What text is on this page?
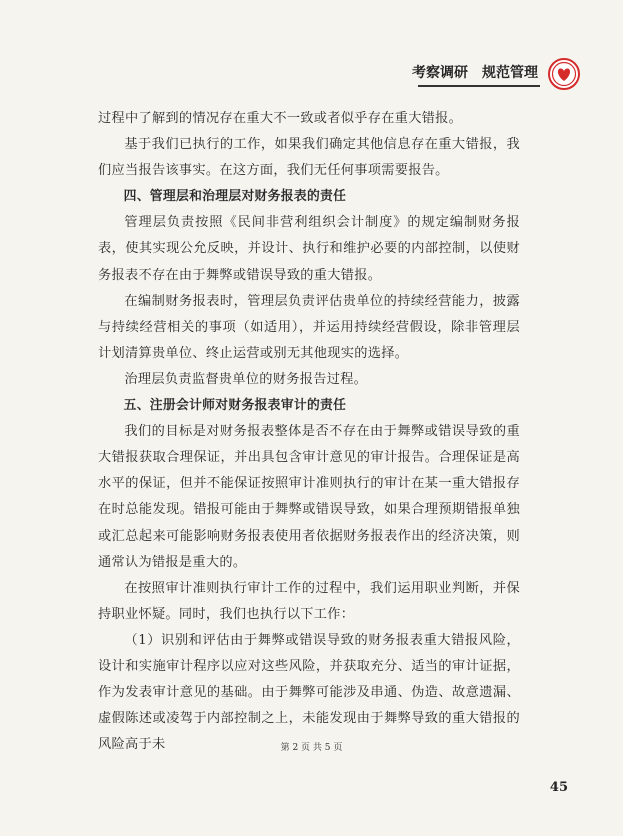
考察调研　规范管理

过程中了解到的情况存在重大不一致或者似乎存在重大错报。

基于我们已执行的工作，如果我们确定其他信息存在重大错报，我们应当报告该事实。在这方面，我们无任何事项需要报告。

四、管理层和治理层对财务报表的责任

管理层负责按照《民间非营利组织会计制度》的规定编制财务报表，使其实现公允反映，并设计、执行和维护必要的内部控制，以使财务报表不存在由于舞弊或错误导致的重大错报。

在编制财务报表时，管理层负责评估贵单位的持续经营能力，披露与持续经营相关的事项（如适用），并运用持续经营假设，除非管理层计划清算贵单位、终止运营或别无其他现实的选择。

治理层负责监督贵单位的财务报告过程。

五、注册会计师对财务报表审计的责任

我们的目标是对财务报表整体是否不存在由于舞弊或错误导致的重大错报获取合理保证，并出具包含审计意见的审计报告。合理保证是高水平的保证，但并不能保证按照审计准则执行的审计在某一重大错报存在时总能发现。错报可能由于舞弊或错误导致，如果合理预期错报单独或汇总起来可能影响财务报表使用者依据财务报表作出的经济决策，则通常认为错报是重大的。

在按照审计准则执行审计工作的过程中，我们运用职业判断，并保持职业怀疑。同时，我们也执行以下工作：

（1）识别和评估由于舞弊或错误导致的财务报表重大错报风险，设计和实施审计程序以应对这些风险，并获取充分、适当的审计证据，作为发表审计意见的基础。由于舞弊可能涉及串通、伪造、故意遗漏、虚假陈述或凌驾于内部控制之上，未能发现由于舞弊导致的重大错报的风险高于未	第 2 页 共 5 页
45
